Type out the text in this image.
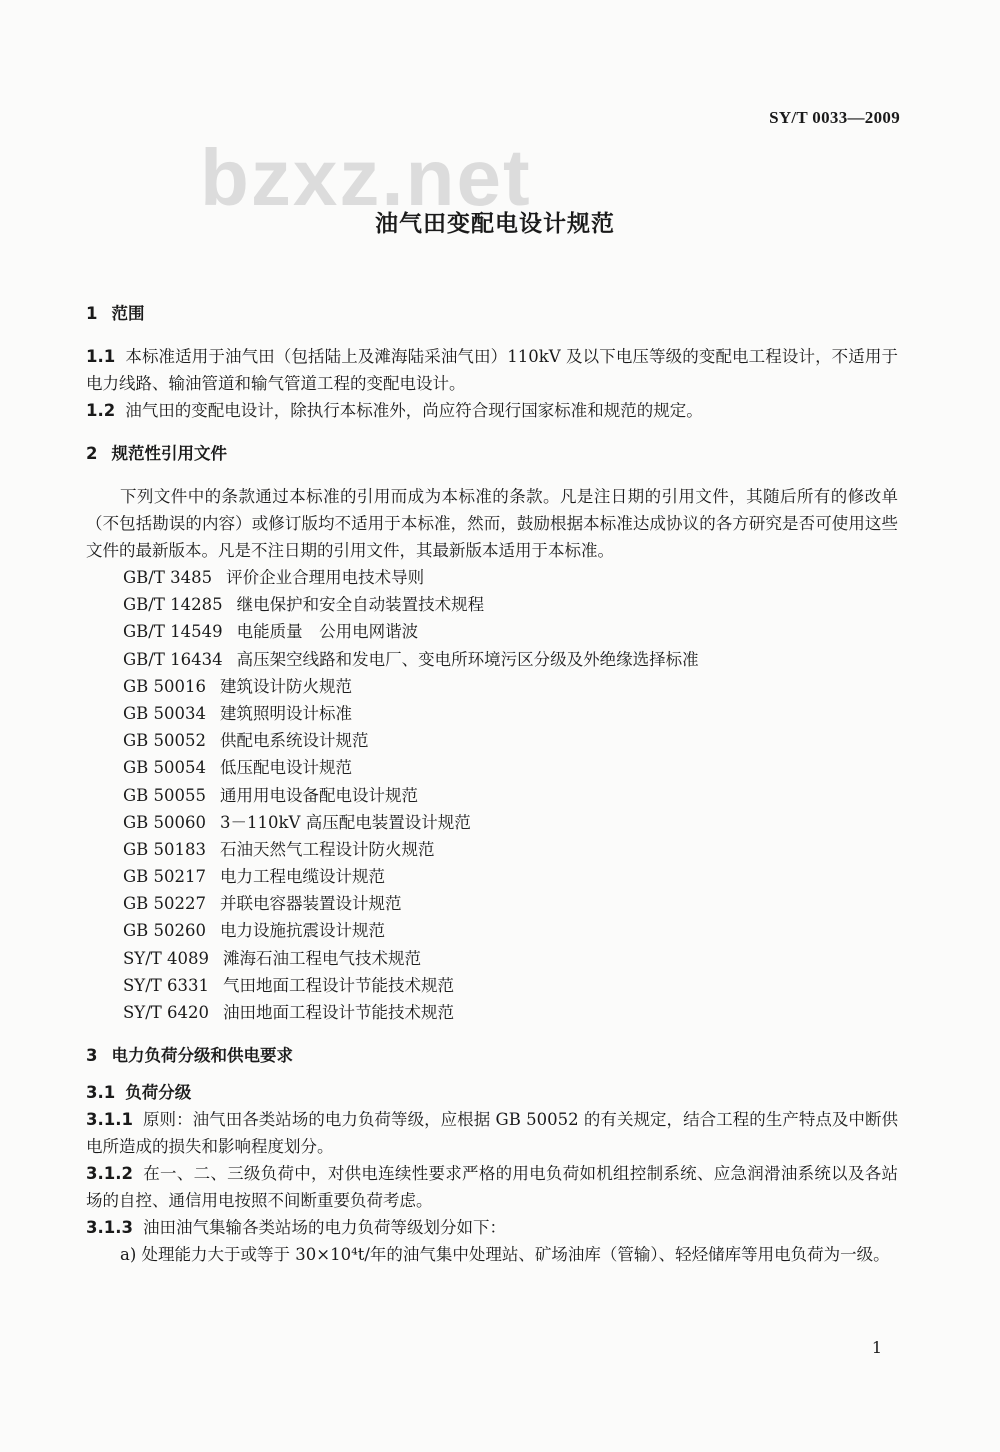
SY/T 0033—2009
bzxz.net
油气田变配电设计规范

1 范围

1.1 本标准适用于油气田（包括陆上及滩海陆采油气田）110kV 及以下电压等级的变配电工程设计，不适用于电力线路、输油管道和输气管道工程的变配电设计。

1.2 油气田的变配电设计，除执行本标准外，尚应符合现行国家标准和规范的规定。

2 规范性引用文件

下列文件中的条款通过本标准的引用而成为本标准的条款。凡是注日期的引用文件，其随后所有的修改单（不包括勘误的内容）或修订版均不适用于本标准，然而，鼓励根据本标准达成协议的各方研究是否可使用这些文件的最新版本。凡是不注日期的引用文件，其最新版本适用于本标准。

GB/T 3485 评价企业合理用电技术导则
GB/T 14285 继电保护和安全自动装置技术规程
GB/T 14549 电能质量　公用电网谐波
GB/T 16434 高压架空线路和发电厂、变电所环境污区分级及外绝缘选择标准
GB 50016 建筑设计防火规范
GB 50034 建筑照明设计标准
GB 50052 供配电系统设计规范
GB 50054 低压配电设计规范
GB 50055 通用用电设备配电设计规范
GB 50060 3－110kV 高压配电装置设计规范
GB 50183 石油天然气工程设计防火规范
GB 50217 电力工程电缆设计规范
GB 50227 并联电容器装置设计规范
GB 50260 电力设施抗震设计规范
SY/T 4089 滩海石油工程电气技术规范
SY/T 6331 气田地面工程设计节能技术规范
SY/T 6420 油田地面工程设计节能技术规范

3 电力负荷分级和供电要求

3.1 负荷分级

3.1.1 原则：油气田各类站场的电力负荷等级，应根据 GB 50052 的有关规定，结合工程的生产特点及中断供电所造成的损失和影响程度划分。

3.1.2 在一、二、三级负荷中，对供电连续性要求严格的用电负荷如机组控制系统、应急润滑油系统以及各站场的自控、通信用电按照不间断重要负荷考虑。

3.1.3 油田油气集输各类站场的电力负荷等级划分如下：

a) 处理能力大于或等于 30×10⁴t/年的油气集中处理站、矿场油库（管输）、轻烃储库等用电负荷为一级。

1
